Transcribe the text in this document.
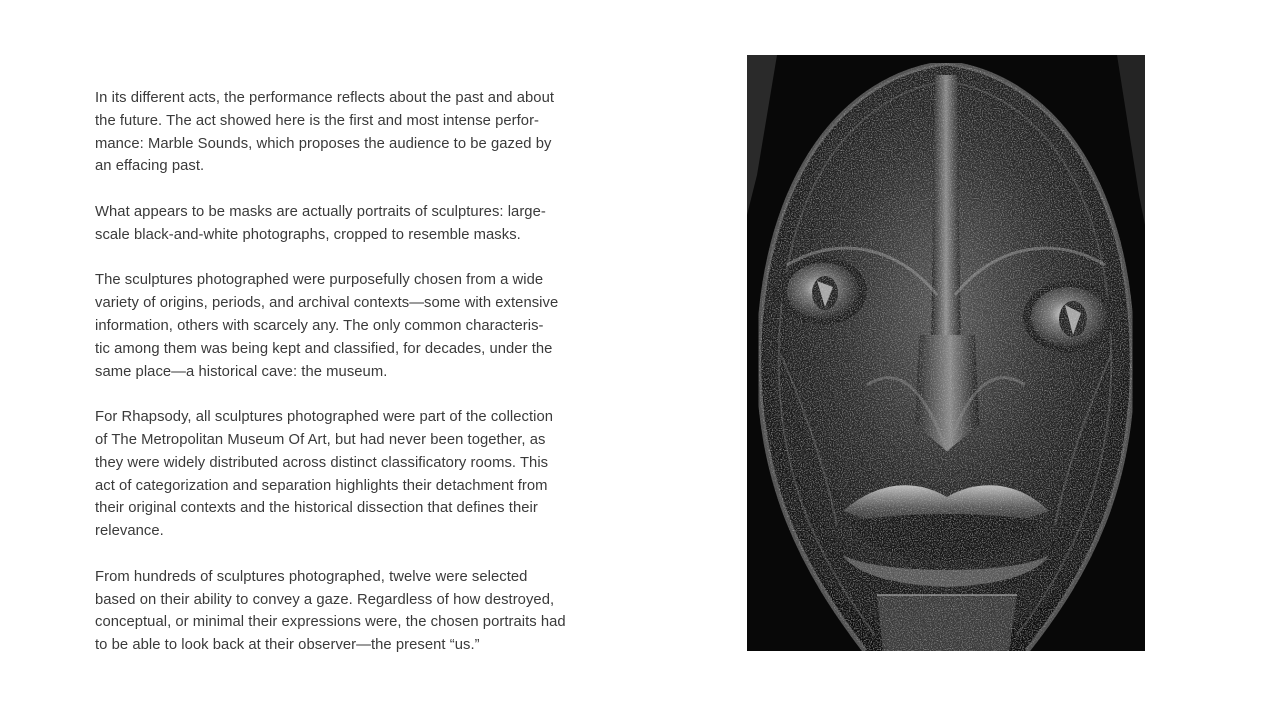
In its different acts, the performance reflects about the past and about
the future. The act showed here is the first and most intense perfor-
mance: Marble Sounds, which proposes the audience to be gazed by
an effacing past.

What appears to be masks are actually portraits of sculptures: large-
scale black-and-white photographs, cropped to resemble masks.

The sculptures photographed were purposefully chosen from a wide
variety of origins, periods, and archival contexts—some with extensive
information, others with scarcely any. The only common characteris-
tic among them was being kept and classified, for decades, under the
same place—a historical cave: the museum.

For Rhapsody, all sculptures photographed were part of the collection
of The Metropolitan Museum Of Art, but had never been together, as
they were widely distributed across distinct classificatory rooms. This
act of categorization and separation highlights their detachment from
their original contexts and the historical dissection that defines their
relevance.

From hundreds of sculptures photographed, twelve were selected
based on their ability to convey a gaze. Regardless of how destroyed,
conceptual, or minimal their expressions were, the chosen portraits had
to be able to look back at their observer—the present “us.”
